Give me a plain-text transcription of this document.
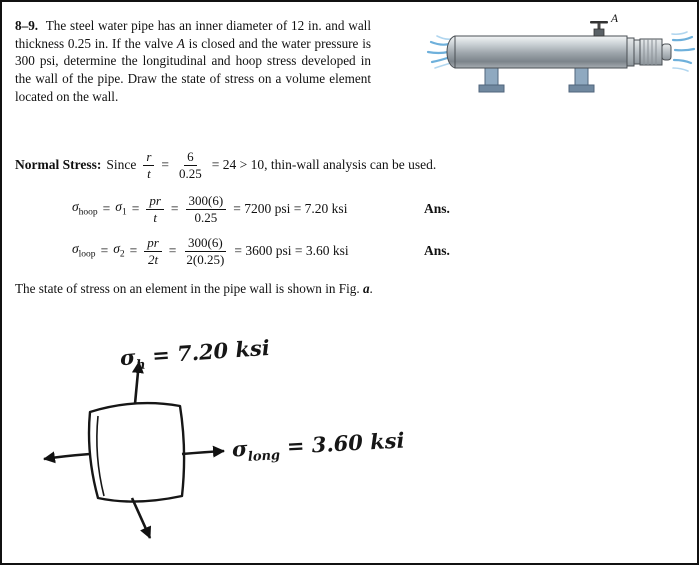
8–9. The steel water pipe has an inner diameter of 12 in. and wall thickness 0.25 in. If the valve A is closed and the water pressure is 300 psi, determine the longitudinal and hoop stress developed in the wall of the pipe. Draw the state of stress on a volume element located on the wall.
A
Normal Stress: Since $\frac{r}{t} = \frac{6}{0.25} = 24 > 10$, thin-wall analysis can be used.
$\sigma_{hoop} = \sigma_1 = \frac{pr}{t} = \frac{300(6)}{0.25} = 7200$ psi = 7.20 ksi	Ans.
$\sigma_{loop} = \sigma_2 = \frac{pr}{2t} = \frac{300(6)}{2(0.25)} = 3600$ psi = 3.60 ksi	Ans.
The state of stress on an element in the pipe wall is shown in Fig. a.
$\sigma_h = 7.20$ ksi
$\sigma_{long} = 3.60$ ksi
